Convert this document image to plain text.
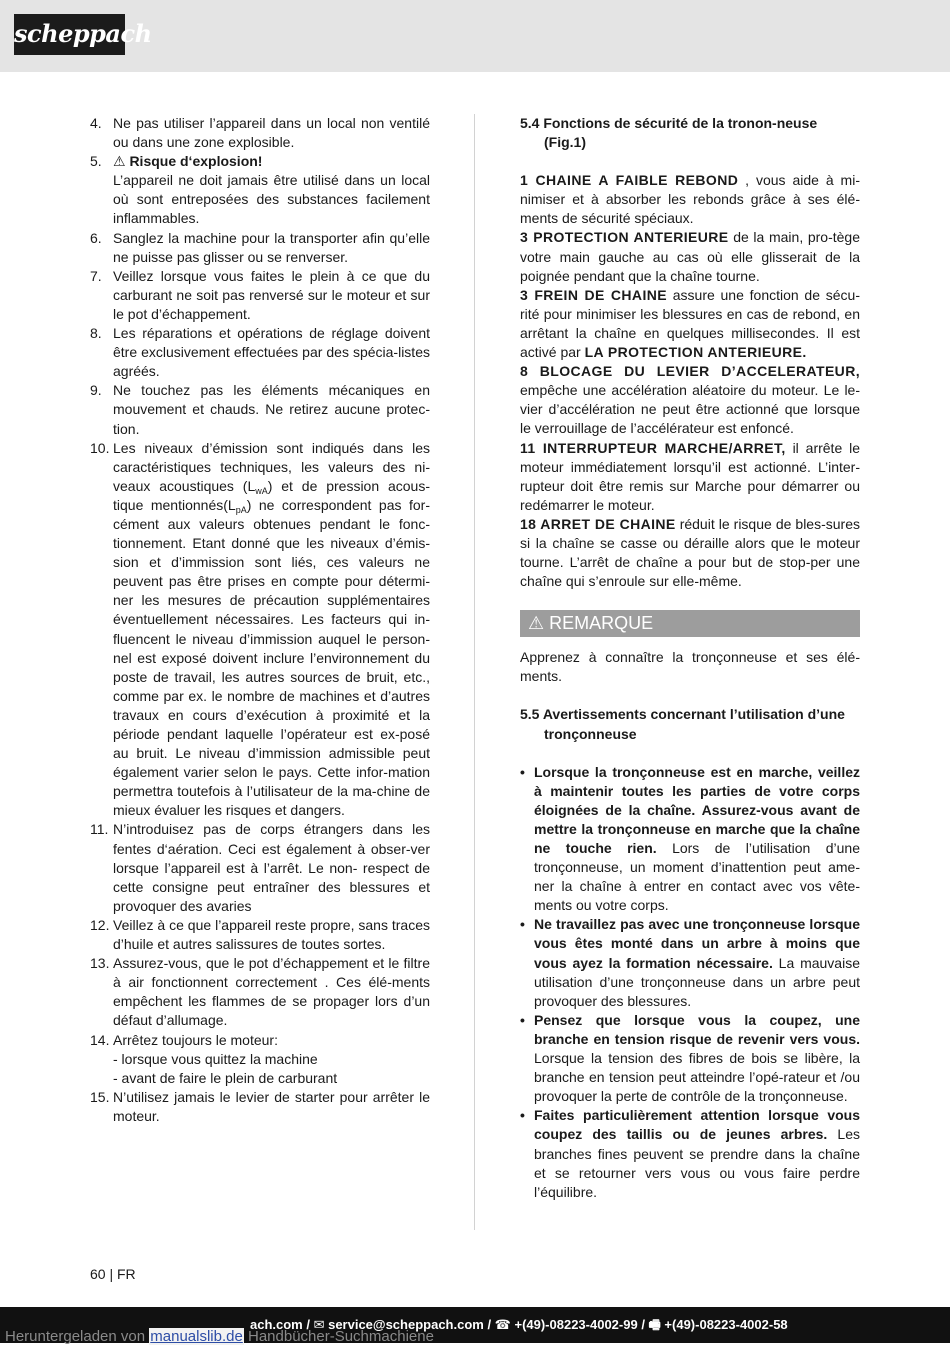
scheppach
4. Ne pas utiliser l’appareil dans un local non ventilé ou dans une zone explosible.
5. ⚠ Risque d‘explosion!
L’appareil ne doit jamais être utilisé dans un local où sont entreposées des substances facilement inflammables.
6. Sanglez la machine pour la transporter afin qu’elle ne puisse pas glisser ou se renverser.
7. Veillez lorsque vous faites le plein à ce que du carburant ne soit pas renversé sur le moteur et sur le pot d’échappement.
8. Les réparations et opérations de réglage doivent être exclusivement effectuées par des spécia-listes agréés.
9. Ne touchez pas les éléments mécaniques en mouvement et chauds. Ne retirez aucune protec-tion.
10. Les niveaux d’émission sont indiqués dans les caractéristiques techniques, les valeurs des ni-veaux acoustiques $(L_{wA})$ et de pression acous-tique $mentionnés(L_{pA})$ ne correspondent pas for-cément aux valeurs obtenues pendant le fonc-tionnement. Etant donné que les niveaux d’émis-sion et d’immission sont liés, ces valeurs ne peuvent pas être prises en compte pour détermi-ner les mesures de précaution supplémentaires éventuellement nécessaires. Les facteurs qui in-fluencent le niveau d’immission auquel le person-nel est exposé doivent inclure l’environnement du poste de travail, les autres sources de bruit, etc., comme par ex. le nombre de machines et d’autres travaux en cours d’exécution à proximité et la période pendant laquelle l’opérateur est ex-posé au bruit. Le niveau d’immission admissible peut également varier selon le pays. Cette infor-mation permettra toutefois à l’utilisateur de la ma-chine de mieux évaluer les risques et dangers.
11. N’introduisez pas de corps étrangers dans les fentes d‘aération. Ceci est également à obser-ver lorsque l’appareil est à l’arrêt. Le non- respect de cette consigne peut entraîner des blessures et provoquer des avaries
12. Veillez à ce que l’appareil reste propre, sans traces d’huile et autres salissures de toutes sortes.
13. Assurez-vous, que le pot d’échappement et le filtre à air fonctionnent correctement . Ces élé-ments empêchent les flammes de se propager lors d’un défaut d’allumage.
14. Arrêtez toujours le moteur:
- lorsque vous quittez la machine
- avant de faire le plein de carburant
15. N’utilisez jamais le levier de starter pour arrêter le moteur.

5.4 Fonctions de sécurité de la tronon-neuse
(Fig.1)

1 CHAINE A FAIBLE REBOND , vous aide à mi-nimiser et à absorber les rebonds grâce à ses élé-ments de sécurité spéciaux.

3 PROTECTION ANTERIEURE de la main, pro-tège votre main gauche au cas où elle glisserait de la poignée pendant que la chaîne tourne.

3 FREIN DE CHAINE assure une fonction de sécu-rité pour minimiser les blessures en cas de rebond, en arrêtant la chaîne en quelques millisecondes. Il est activé par LA PROTECTION ANTERIEURE.

8 BLOCAGE DU LEVIER D’ACCELERATEUR, empêche une accélération aléatoire du moteur. Le le-vier d’accélération ne peut être actionné que lorsque le verrouillage de l’accélérateur est enfoncé.

11 INTERRUPTEUR MARCHE/ARRET, il arrête le moteur immédiatement lorsqu’il est actionné. L’inter-rupteur doit être remis sur Marche pour démarrer ou redémarrer le moteur.

18 ARRET DE CHAINE réduit le risque de bles-sures si la chaîne se casse ou déraille alors que le moteur tourne. L’arrêt de chaîne a pour but de stop-per une chaîne qui s’enroule sur elle-même.

⚠ REMARQUE

Apprenez à connaître la tronçonneuse et ses élé-ments.

5.5 Avertissements concernant l’utilisation d’une
tronçonneuse

• Lorsque la tronçonneuse est en marche, veillez à maintenir toutes les parties de votre corps éloignées de la chaîne. Assurez-vous avant de mettre la tronçonneuse en marche que la chaîne ne touche rien. Lors de l’utilisation d’une tronçonneuse, un moment d’inattention peut ame-ner la chaîne à entrer en contact avec vos vête-ments ou votre corps.
• Ne travaillez pas avec une tronçonneuse lorsque vous êtes monté dans un arbre à moins que vous ayez la formation nécessaire. La mauvaise utilisation d’une tronçonneuse dans un arbre peut provoquer des blessures.
• Pensez que lorsque vous la coupez, une branche en tension risque de revenir vers vous. Lorsque la tension des fibres de bois se libère, la branche en tension peut atteindre l’opé-rateur et /ou provoquer la perte de contrôle de la tronçonneuse.
• Faites particulièrement attention lorsque vous coupez des taillis ou de jeunes arbres. Les branches fines peuvent se prendre dans la chaîne et se retourner vers vous ou vous faire perdre l’équilibre.
60 | FR
ach.com / ✉ service@scheppach.com / ☎ +(49)-08223-4002-99 / 🖷 +(49)-08223-4002-58
Heruntergeladen von manualslib.de Handbücher-Suchmachiene
